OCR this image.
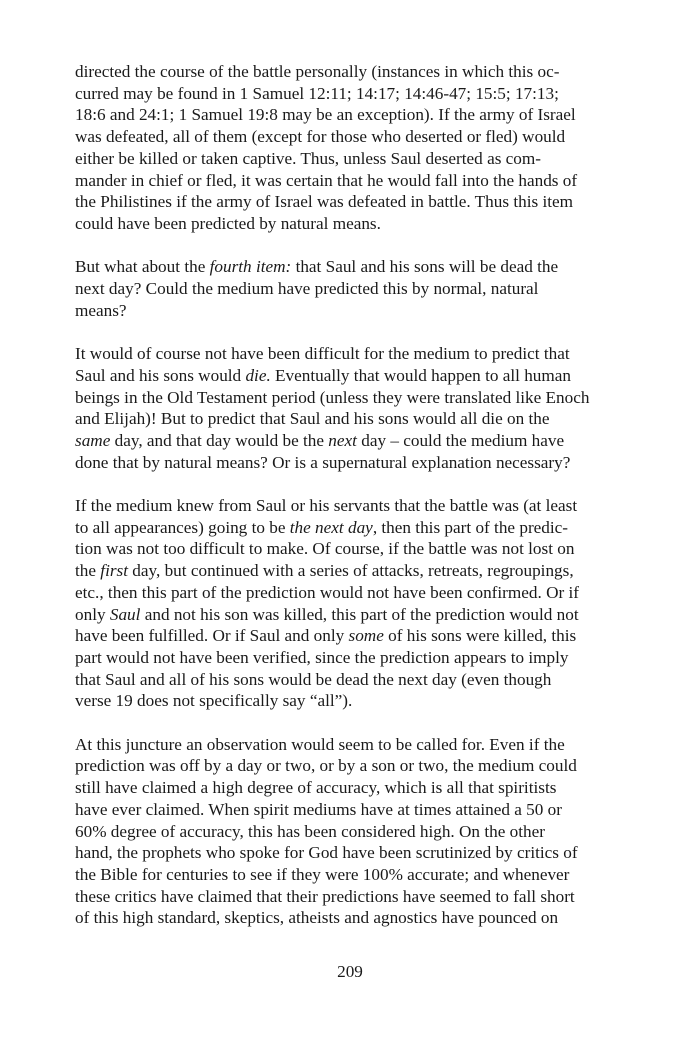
directed the course of the battle personally (instances in which this oc-
curred may be found in 1 Samuel 12:11; 14:17; 14:46-47; 15:5; 17:13;
18:6 and 24:1; 1 Samuel 19:8 may be an exception). If the army of Israel
was defeated, all of them (except for those who deserted or fled) would
either be killed or taken captive. Thus, unless Saul deserted as com-
mander in chief or fled, it was certain that he would fall into the hands of
the Philistines if the army of Israel was defeated in battle. Thus this item
could have been predicted by natural means.
But what about the fourth item: that Saul and his sons will be dead the
next day? Could the medium have predicted this by normal, natural
means?
It would of course not have been difficult for the medium to predict that
Saul and his sons would die. Eventually that would happen to all human
beings in the Old Testament period (unless they were translated like Enoch
and Elijah)! But to predict that Saul and his sons would all die on the
same day, and that day would be the next day – could the medium have
done that by natural means? Or is a supernatural explanation necessary?
If the medium knew from Saul or his servants that the battle was (at least
to all appearances) going to be the next day, then this part of the predic-
tion was not too difficult to make. Of course, if the battle was not lost on
the first day, but continued with a series of attacks, retreats, regroupings,
etc., then this part of the prediction would not have been confirmed. Or if
only Saul and not his son was killed, this part of the prediction would not
have been fulfilled. Or if Saul and only some of his sons were killed, this
part would not have been verified, since the prediction appears to imply
that Saul and all of his sons would be dead the next day (even though
verse 19 does not specifically say “all”).
At this juncture an observation would seem to be called for. Even if the
prediction was off by a day or two, or by a son or two, the medium could
still have claimed a high degree of accuracy, which is all that spiritists
have ever claimed. When spirit mediums have at times attained a 50 or
60% degree of accuracy, this has been considered high. On the other
hand, the prophets who spoke for God have been scrutinized by critics of
the Bible for centuries to see if they were 100% accurate; and whenever
these critics have claimed that their predictions have seemed to fall short
of this high standard, skeptics, atheists and agnostics have pounced on
209
